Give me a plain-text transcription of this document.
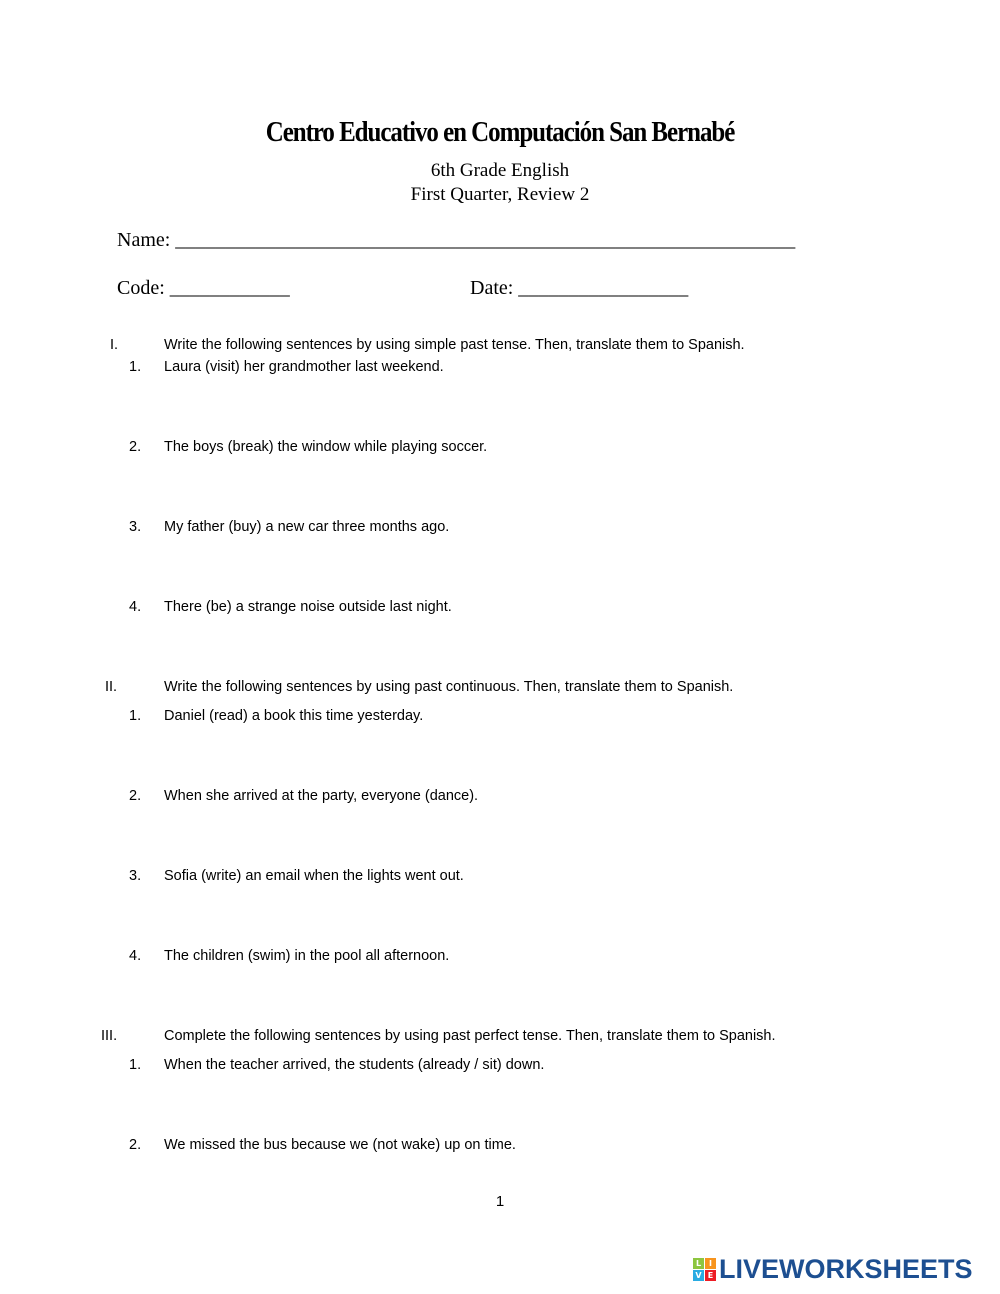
Centro Educativo en Computación San Bernabé
6th Grade English
First Quarter, Review 2
Name: ______________________________________________________________
Code: ____________	Date: _________________
I.	Write the following sentences by using simple past tense. Then, translate them to Spanish.
1. Laura (visit) her grandmother last weekend.
2. The boys (break) the window while playing soccer.
3. My father (buy) a new car three months ago.
4. There (be) a strange noise outside last night.
II.	Write the following sentences by using past continuous. Then, translate them to Spanish.
1. Daniel (read) a book this time yesterday.
2. When she arrived at the party, everyone (dance).
3. Sofia (write) an email when the lights went out.
4. The children (swim) in the pool all afternoon.
III.	Complete the following sentences by using past perfect tense. Then, translate them to Spanish.
1. When the teacher arrived, the students (already / sit) down.
2. We missed the bus because we (not wake) up on time.
1
L I
V E LIVEWORKSHEETS
